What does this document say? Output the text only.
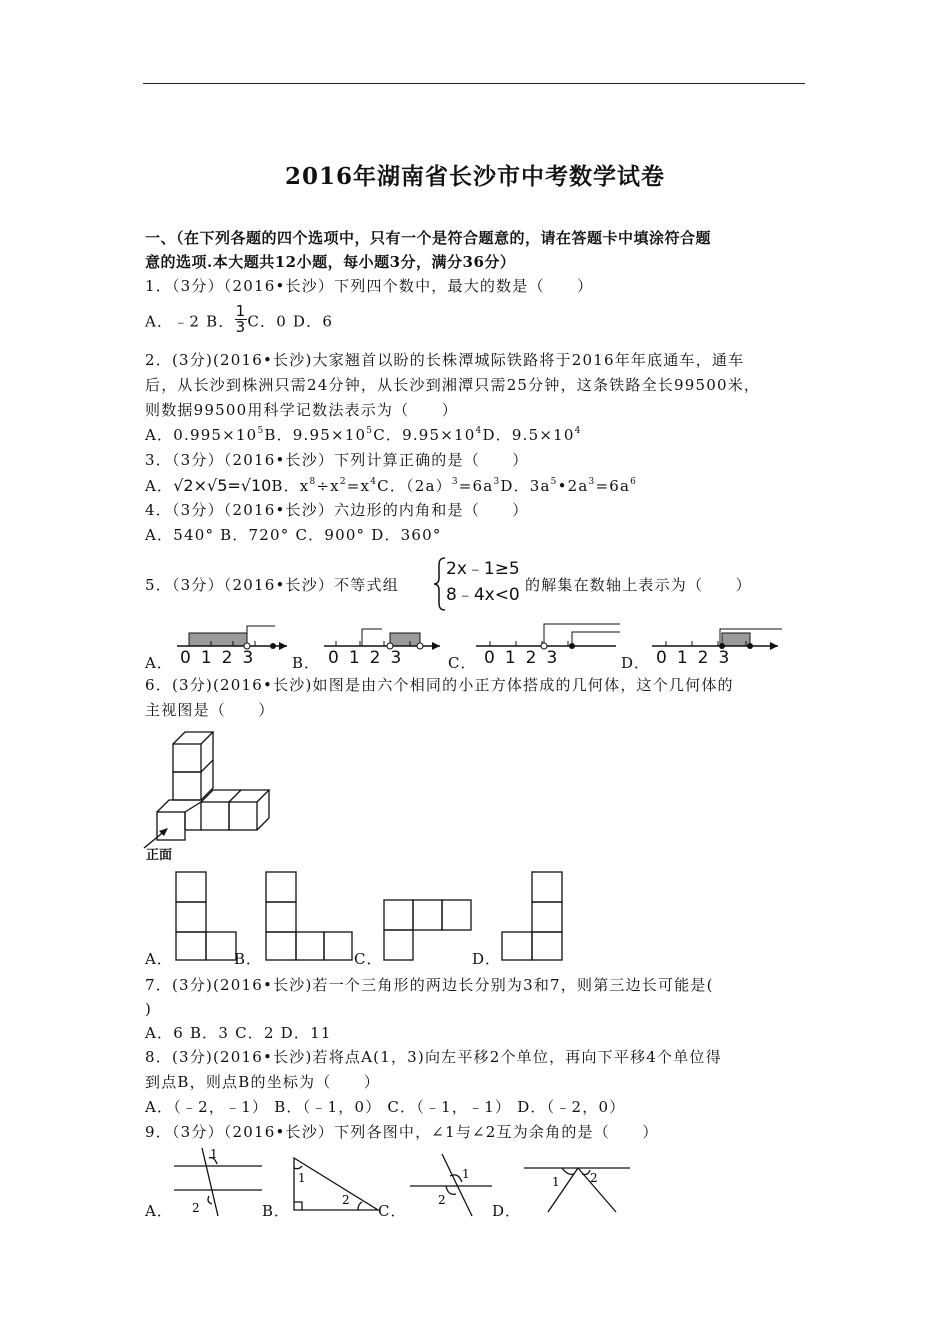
2016年湖南省长沙市中考数学试卷
一、（在下列各题的四个选项中，只有一个是符合题意的，请在答题卡中填涂符合题
意的选项.本大题共12小题，每小题3分，满分36分）
1．（3分）（2016•长沙）下列四个数中，最大的数是（　　）
A．﹣2 B． $\frac{1}{3}$ C．0 D．6
2．(3分)(2016•长沙)大家翘首以盼的长株潭城际铁路将于2016年年底通车，通车
后，从长沙到株洲只需24分钟，从长沙到湘潭只需25分钟，这条铁路全长99500米，
则数据99500用科学记数法表示为（　　）
A．$0.995\times 10^5B$．$9.95\times 10^5C$．$9.95\times 10^4D$．$9.5\times 10^4$
3．（3分）（2016•长沙）下列计算正确的是（　　）
A．√2×√5=√10B．$x^8\div x^2=x^4C$．$(2a)^3=6a^3D$．$3a^5•2a^3=6a^6$
4．（3分）（2016•长沙）六边形的内角和是（　　）
A．540° B．720° C．900° D．360°
5．（3分）（2016•长沙）不等式组
2x﹣1≥5
8﹣4x<0 的解集在数轴上表示为（　　）
A． 0123 B． 0123 C． 0123	D． 0123
6．(3分)(2016•长沙)如图是由六个相同的小正方体搭成的几何体，这个几何体的
主视图是（　　）
正面
A．	B．	C．	D．
7．(3分)(2016•长沙)若一个三角形的两边长分别为3和7，则第三边长可能是(
)
A．6 B．3 C．2 D．11
8．(3分)(2016•长沙)若将点A(1，3)向左平移2个单位，再向下平移4个单位得
到点B，则点B的坐标为（　　）
A．（﹣2，﹣1） B．（﹣1，0） C．（﹣1，﹣1） D．（﹣2，0）
9．（3分）（2016•长沙）下列各图中，∠1与∠2互为余角的是（　　）
A．
1
2	B．
1
2
C．
1
2
D．
1	2
